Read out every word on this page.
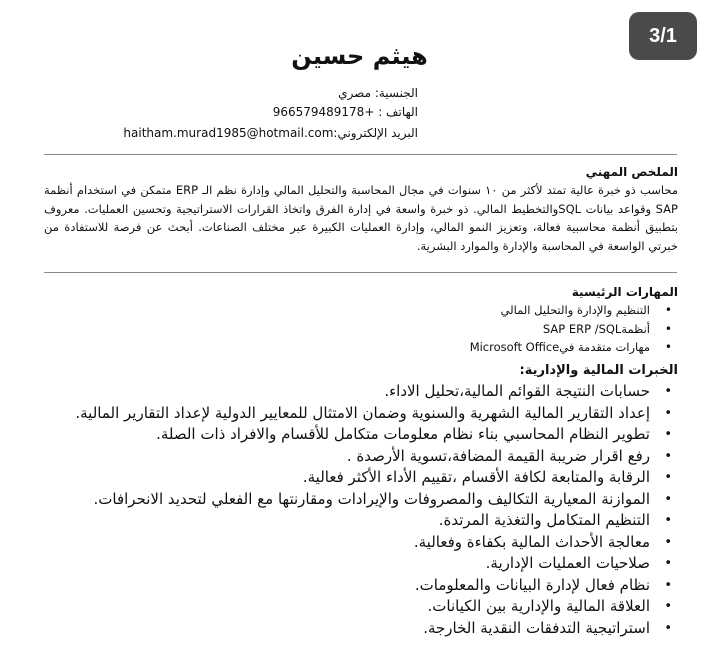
3/1
هيثم حسين
الجنسية: مصري
الهاتف : +966579489178
البريد الإلكتروني:haitham.murad1985@hotmail.com
الملخص المهني

محاسب ذو خبرة عالية تمتد لأكثر من ١٠ سنوات في مجال المحاسبة والتحليل المالي وإدارة نظم الـ ERP متمكن في استخدام أنظمة SAP وقواعد بيانات SQLوالتخطيط المالي. ذو خبرة واسعة في إدارة الفرق واتخاذ القرارات الاستراتيجية وتحسين العمليات. معروف بتطبيق أنظمة محاسبية فعالة، وتعزيز النمو المالي، وإدارة العمليات الكبيرة عبر مختلف الصناعات. أبحث عن فرصة للاستفادة من خبرتي الواسعة في المحاسبة والإدارة والموارد البشرية.

المهارات الرئيسية
• التنظيم والإدارة والتحليل المالي
• أنظمةSAP ERP /SQL
• مهارات متقدمة فيMicrosoft Office
الخبرات المالية والإدارية:
• حسابات النتيجة القوائم المالية،تحليل الاداء.
• إعداد التقارير المالية الشهرية والسنوية وضمان الامتثال للمعايير الدولية لإعداد التقارير المالية.
• تطوير النظام المحاسبي بناء نظام معلومات متكامل للأقسام والافراد ذات الصلة.
• رفع اقرار ضريبة القيمة المضافة،تسوية الأرصدة .
• الرقابة والمتابعة لكافة الأقسام ،تقييم الأداء الأكثر فعالية.
• الموازنة المعيارية التكاليف والمصروفات والإيرادات ومقارنتها مع الفعلي لتحديد الانحرافات.
• التنظيم المتكامل والتغذية المرتدة.
• معالجة الأحداث المالية بكفاءة وفعالية.
• صلاحيات العمليات الإدارية.
• نظام فعال لإدارة البيانات والمعلومات.
• العلاقة المالية والإدارية بين الكيانات.
• استراتيجية التدفقات النقدية الخارجة.
